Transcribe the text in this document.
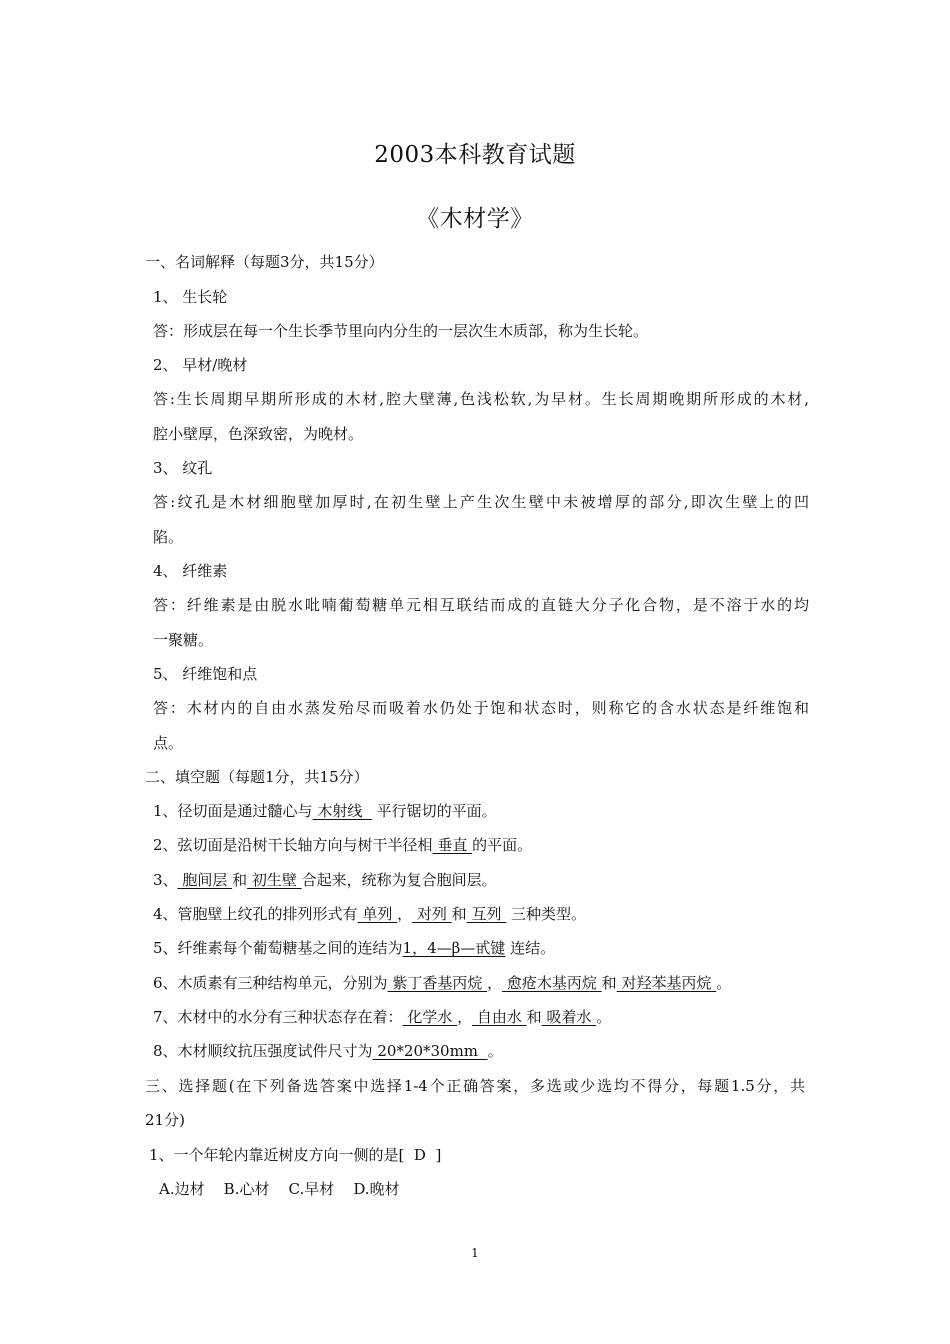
2003本科教育试题
《木材学》
一、名词解释（每题3分，共15分）
1、 生长轮
答：形成层在每一个生长季节里向内分生的一层次生木质部，称为生长轮。
2、 早材/晚材
答:生长周期早期所形成的木材,腔大壁薄,色浅松软,为早材。生长周期晚期所形成的木材,
腔小壁厚，色深致密，为晚材。
3、 纹孔
答:纹孔是木材细胞壁加厚时,在初生壁上产生次生壁中未被增厚的部分,即次生壁上的凹
陷。
4、 纤维素
答：纤维素是由脱水吡喃葡萄糖单元相互联结而成的直链大分子化合物，是不溶于水的均
一聚糖。
5、 纤维饱和点
答：木材内的自由水蒸发殆尽而吸着水仍处于饱和状态时，则称它的含水状态是纤维饱和
点。
二、填空题（每题1分，共15分）
1、径切面是通过髓心与 木射线   平行锯切的平面。
2、弦切面是沿树干长轴方向与树干半径相 垂直 的平面。
3、 胞间层 和 初生壁 合起来，统称为复合胞间层。
4、管胞壁上纹孔的排列形式有 单列 ， 对列 和 互列  三种类型。
5、纤维素每个葡萄糖基之间的连结为1，4—β—甙键 连结。
6、木质素有三种结构单元，分别为 紫丁香基丙烷 ， 愈疮木基丙烷 和 对羟苯基丙烷 。
7、木材中的水分有三种状态存在着： 化学水 ， 自由水 和 吸着水 。
8、木材顺纹抗压强度试件尺寸为 20*20*30mm  。
三、选择题(在下列备选答案中选择1-4个正确答案，多选或少选均不得分，每题1.5分，共
21分)
1、一个年轮内靠近树皮方向一侧的是[  D  ]
A.边材    B.心材    C.早材    D.晚材
1
